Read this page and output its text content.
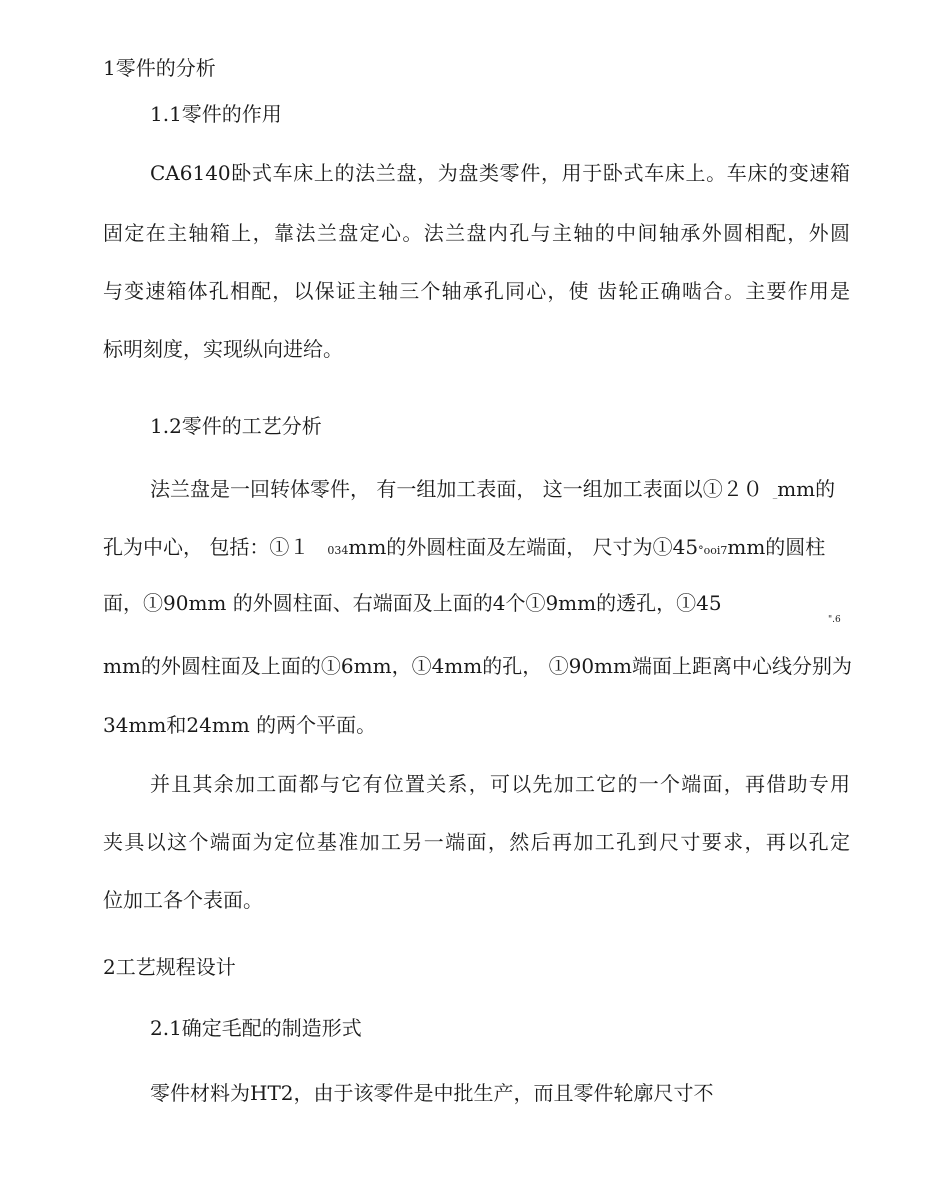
1零件的分析

1.1零件的作用

CA6140卧式车床上的法兰盘，为盘类零件，用于卧式车床上。车床的变速箱

固定在主轴箱上，靠法兰盘定心。法兰盘内孔与主轴的中间轴承外圆相配，外圆

与变速箱体孔相配，以保证主轴三个轴承孔同心，使 齿轮正确啮合。主要作用是

标明刻度，实现纵向进给。

1.2零件的工艺分析

法兰盘是一回转体零件， 有一组加工表面， 这一组加工表面以①２０ _mm的

孔为中心， 包括：①１ 034mm的外圆柱面及左端面， 尺寸为①45°ooi7mm的圆柱

面，①90mm 的外圆柱面、右端面及上面的4个①9mm的透孔，①45

".6

mm的外圆柱面及上面的①6mm，①4mm的孔， ①90mm端面上距离中心线分别为

34mm和24mm 的两个平面。

并且其余加工面都与它有位置关系，可以先加工它的一个端面，再借助专用

夹具以这个端面为定位基准加工另一端面，然后再加工孔到尺寸要求，再以孔定

位加工各个表面。

2工艺规程设计

2.1确定毛配的制造形式

零件材料为HT2，由于该零件是中批生产，而且零件轮廓尺寸不
